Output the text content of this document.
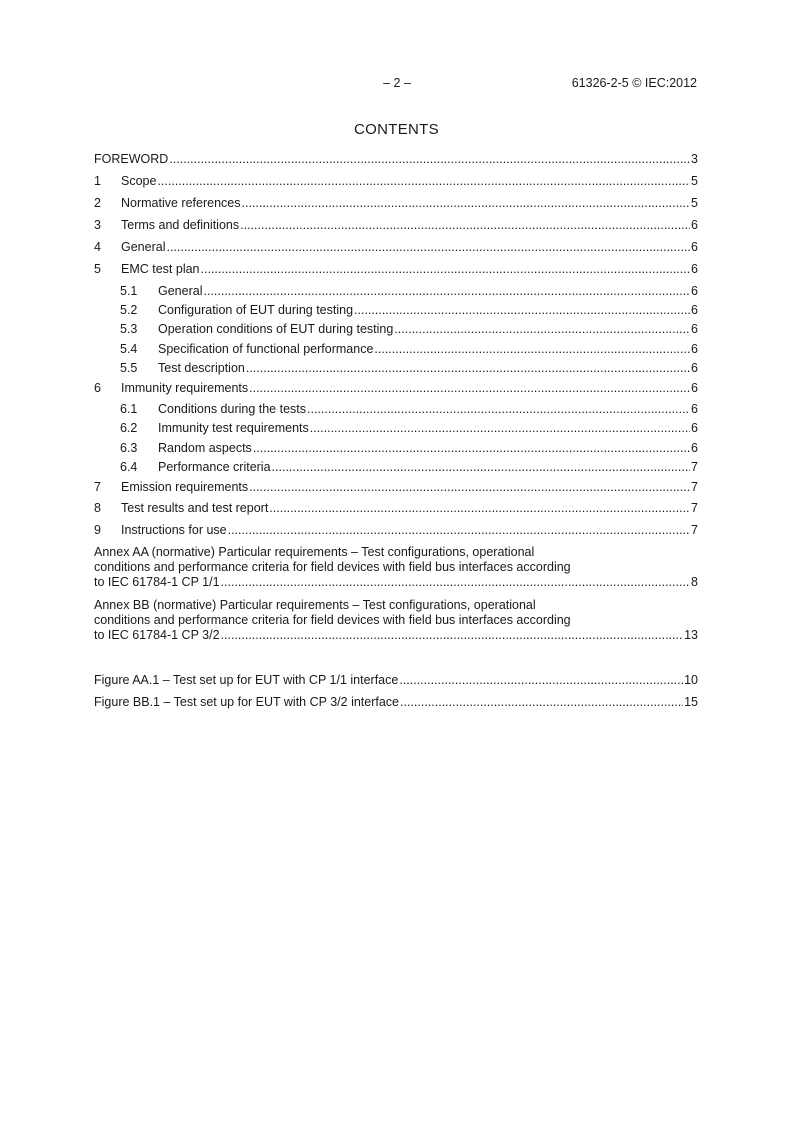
– 2 –	61326-2-5 © IEC:2012
CONTENTS
FOREWORD .....	3
1	Scope .....	5
2	Normative references .....	5
3	Terms and definitions .....	6
4	General .....	6
5	EMC test plan .....	6
5.1	General .....	6
5.2	Configuration of EUT during testing .....	6
5.3	Operation conditions of EUT during testing .....	6
5.4	Specification of functional performance .....	6
5.5	Test description .....	6
6	Immunity requirements .....	6
6.1	Conditions during the tests .....	6
6.2	Immunity test requirements .....	6
6.3	Random aspects .....	6
6.4	Performance criteria .....	7
7	Emission requirements .....	7
8	Test results and test report .....	7
9	Instructions for use .....	7
Annex AA (normative) Particular requirements – Test configurations, operational
conditions and performance criteria for field devices with field bus interfaces according
to IEC 61784-1 CP 1/1 .....	8
Annex BB (normative) Particular requirements – Test configurations, operational
conditions and performance criteria for field devices with field bus interfaces according
to IEC 61784-1 CP 3/2 .....	13
Figure AA.1 – Test set up for EUT with CP 1/1 interface .....	10
Figure BB.1 – Test set up for EUT with CP 3/2 interface .....	15
